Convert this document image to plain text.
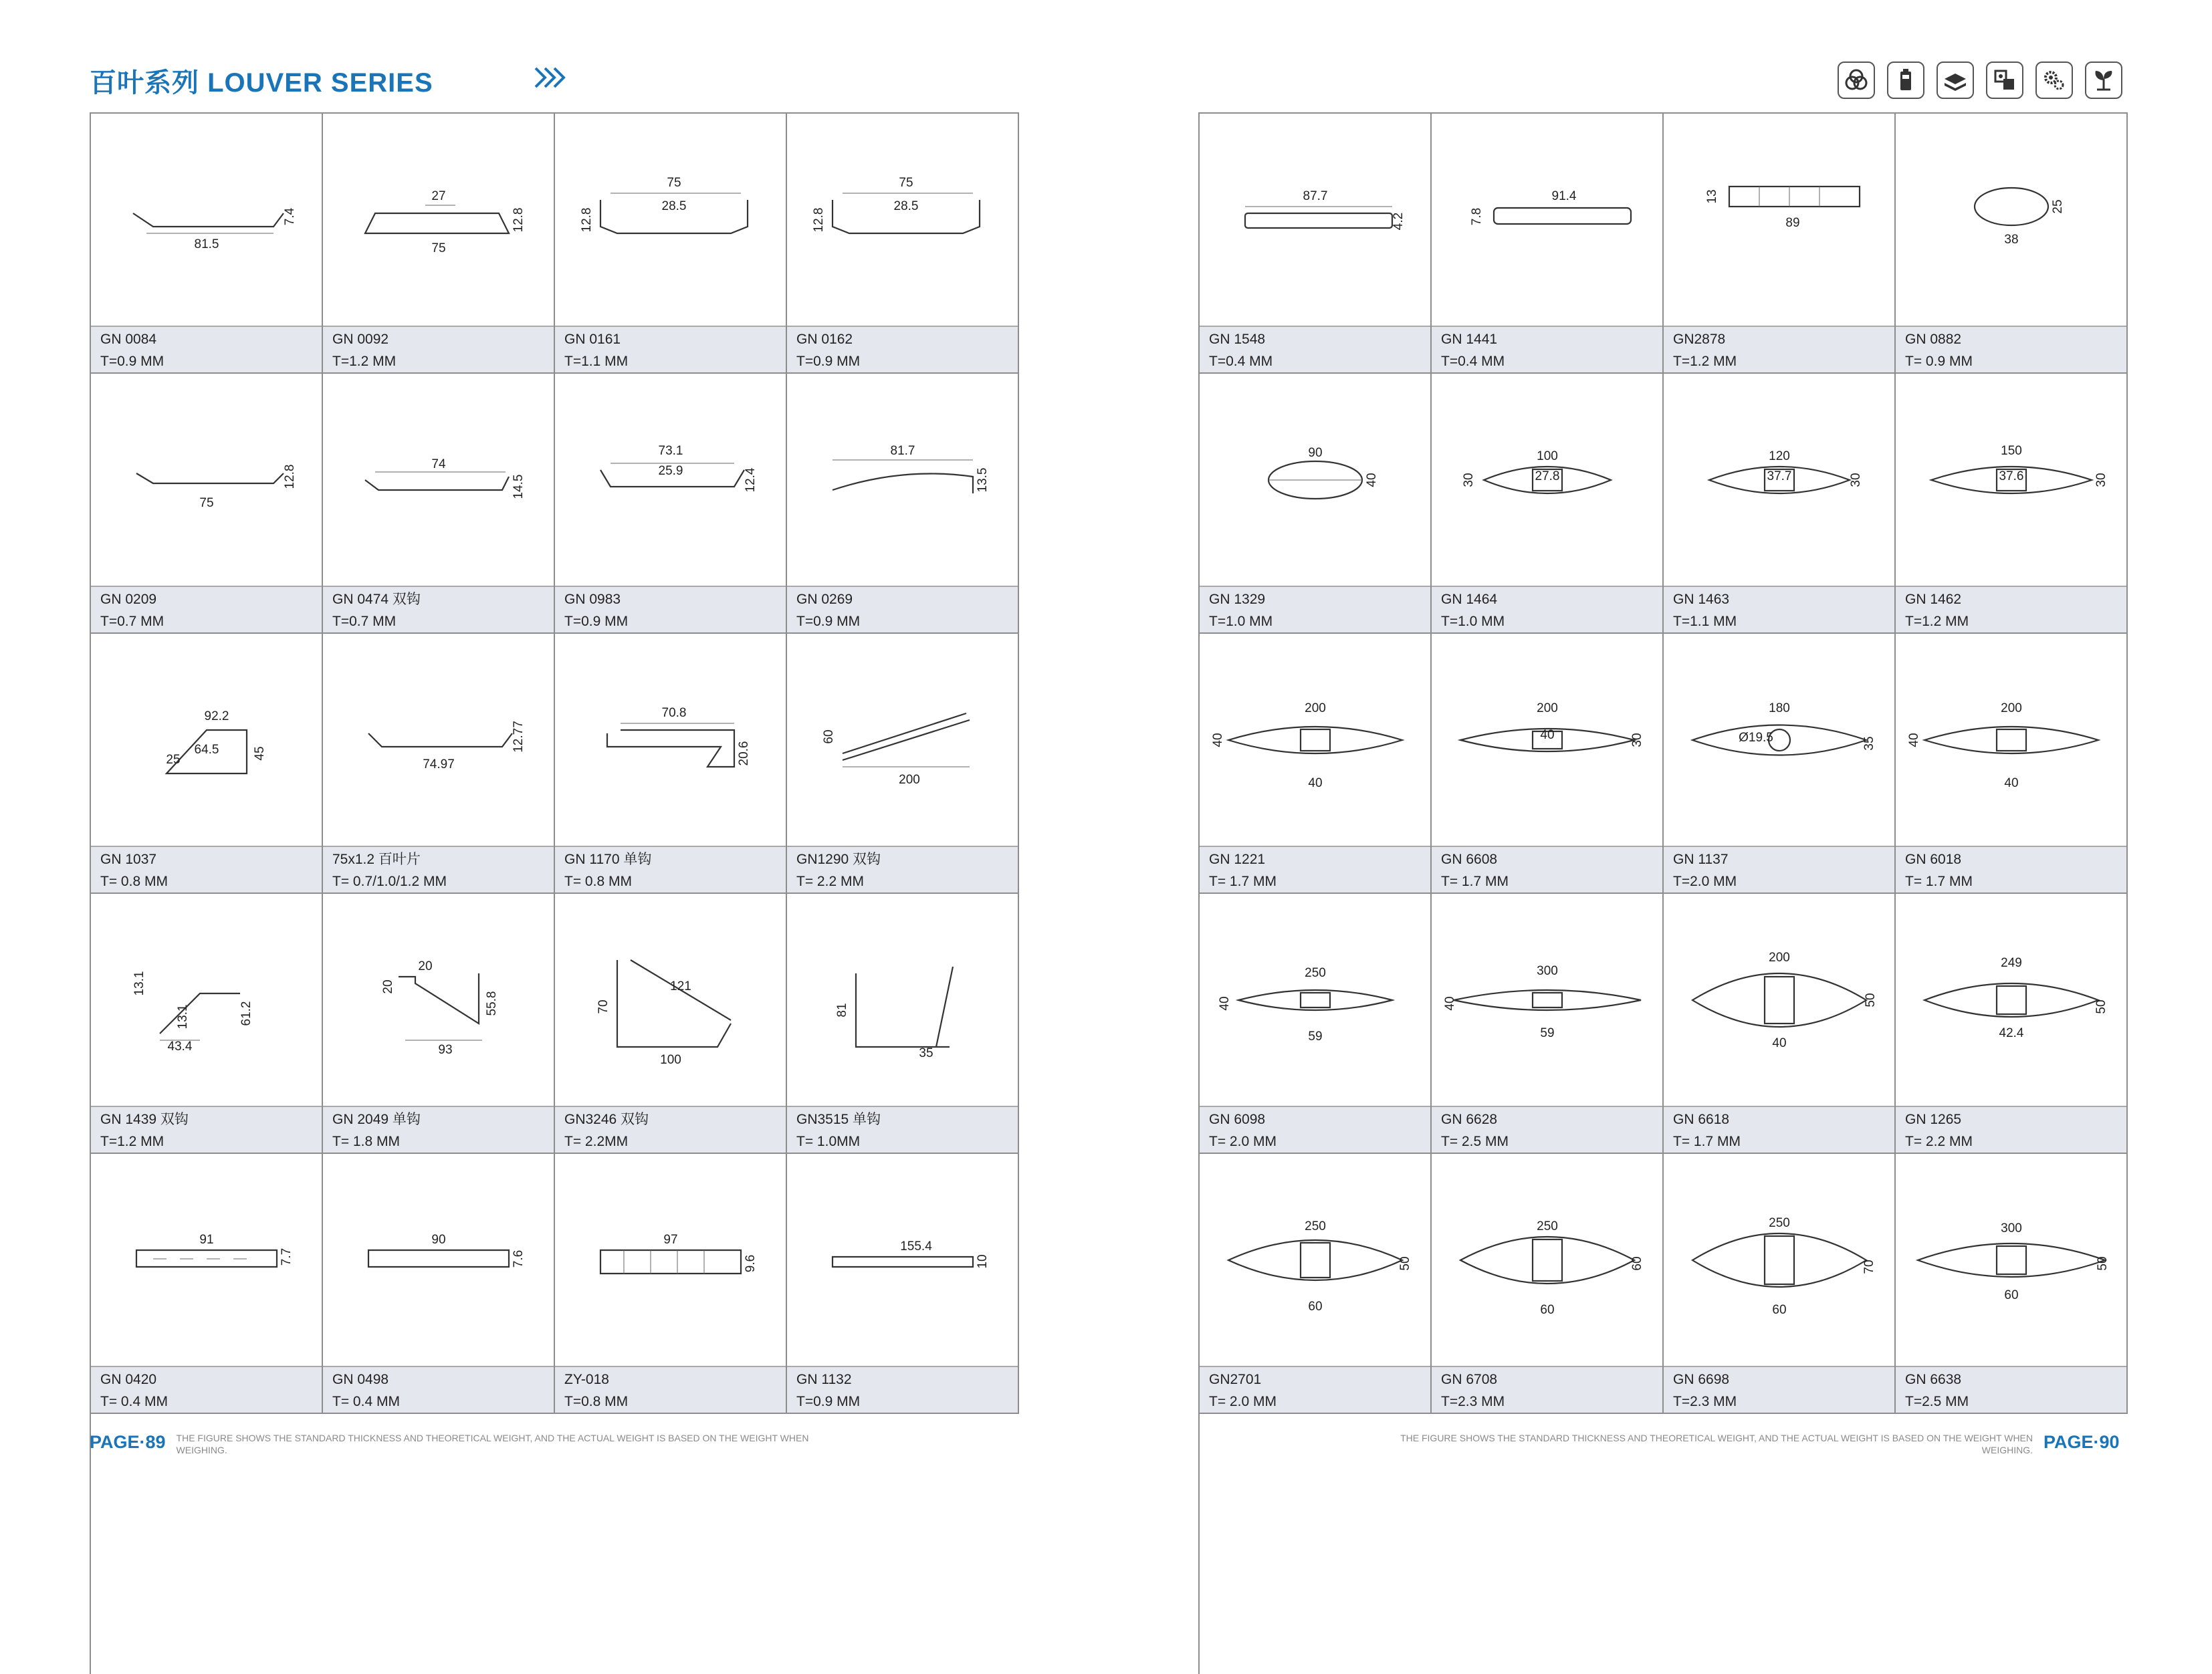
百叶系列 LOUVER SERIES
81.5
7.4
GN 0084
T=0.9 MM
27
75
12.8
GN 0092
T=1.2 MM
75
28.5
12.8
GN 0161
T=1.1 MM
75
28.5
12.8
GN 0162
T=0.9 MM
75
12.8
GN 0209
T=0.7 MM
74
14.5
GN 0474 双钩
T=0.7 MM
73.1
25.9	12.4
GN 0983
T=0.9 MM
81.7
13.5
GN 0269
T=0.9 MM
92.2
64.5
25	45
GN 1037
T= 0.8 MM
74.97
12.77
75x1.2 百叶片
T= 0.7/1.0/1.2 MM
70.8
20.6
GN 1170 单钩
T= 0.8 MM
60
200
GN1290 双钩
T= 2.2 MM
13.1
13.1
43.4
61.2
GN 1439 双钩
T=1.2 MM
20
20
55.8
93
GN 2049 单钩
T= 1.8 MM
121
70
100
GN3246 双钩
T= 2.2MM
81
35
GN3515 单钩
T= 1.0MM
91
7.7
GN 0420
T= 0.4 MM
90
7.6
GN 0498
T= 0.4 MM
97
9.6
ZY-018
T=0.8 MM
155.4
10
GN 1132
T=0.9 MM
87.7
4.2
GN 1548
T=0.4 MM
91.4
7.8
GN 1441
T=0.4 MM
13
89
GN2878
T=1.2 MM
25
38
GN 0882
T= 0.9 MM
90
40
GN 1329
T=1.0 MM
100
27.8
30
GN 1464
T=1.0 MM
120
37.7	30
GN 1463
T=1.1 MM
150
37.6	30
GN 1462
T=1.2 MM
200
40
40
GN 1221
T= 1.7 MM
200
40	30
GN 6608
T= 1.7 MM
180
Ø19.5	35
GN 1137
T=2.0 MM
200
40
40
GN 6018
T= 1.7 MM
250
40
59
GN 6098
T= 2.0 MM
300
40
59
GN 6628
T= 2.5 MM
200
40
50
GN 6618
T= 1.7 MM
249
42.4
50
GN 1265
T= 2.2 MM
250
60
50
GN2701
T= 2.0 MM
250
60
60
GN 6708
T=2.3 MM
250
60
70
GN 6698
T=2.3 MM
300
60
50
GN 6638
T=2.5 MM
PAGE·89 THE FIGURE SHOWS THE STANDARD THICKNESS AND THEORETICAL WEIGHT, AND THE ACTUAL WEIGHT IS BASED ON THE WEIGHT WHEN WEIGHING.
THE FIGURE SHOWS THE STANDARD THICKNESS AND THEORETICAL WEIGHT, AND THE ACTUAL WEIGHT IS BASED ON THE WEIGHT WHEN WEIGHING. PAGE·90
